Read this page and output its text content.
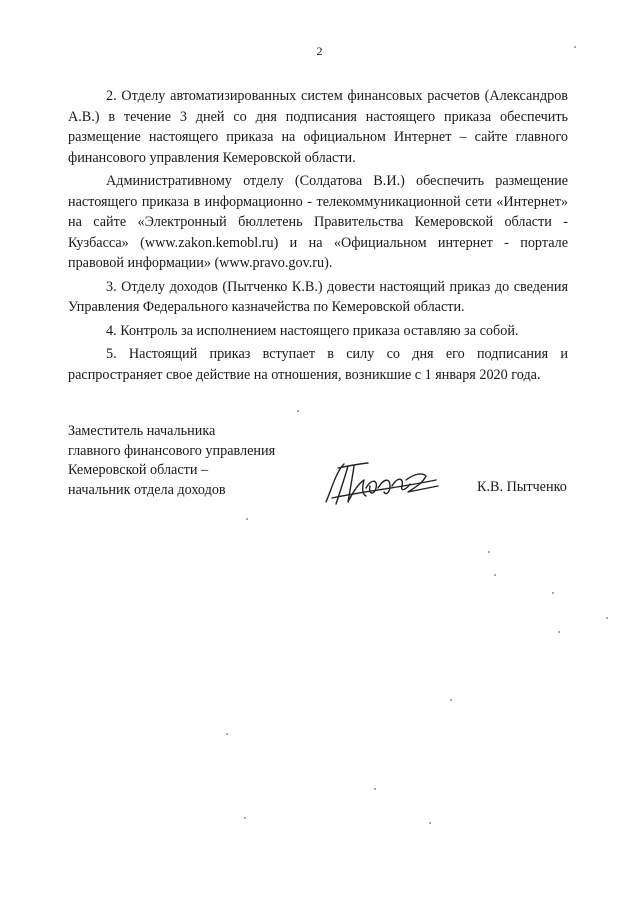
2

2. Отделу автоматизированных систем финансовых расчетов (Александров А.В.) в течение 3 дней со дня подписания настоящего приказа обеспечить размещение настоящего приказа на официальном Интернет – сайте главного финансового управления Кемеровской области.

Административному отделу (Солдатова В.И.) обеспечить размещение настоящего приказа в информационно - телекоммуникационной сети «Интернет» на сайте «Электронный бюллетень Правительства Кемеровской области - Кузбасса» (www.zakon.kemobl.ru) и на «Официальном интернет - портале правовой информации» (www.pravo.gov.ru).

3. Отделу доходов (Пытченко К.В.) довести настоящий приказ до сведения Управления Федерального казначейства по Кемеровской области.

4. Контроль за исполнением настоящего приказа оставляю за собой.

5. Настоящий приказ вступает в силу со дня его подписания и распространяет свое действие на отношения, возникшие с 1 января 2020 года.

Заместитель начальника
главного финансового управления
Кемеровской области –
начальник отдела доходов	К.В. Пытченко
